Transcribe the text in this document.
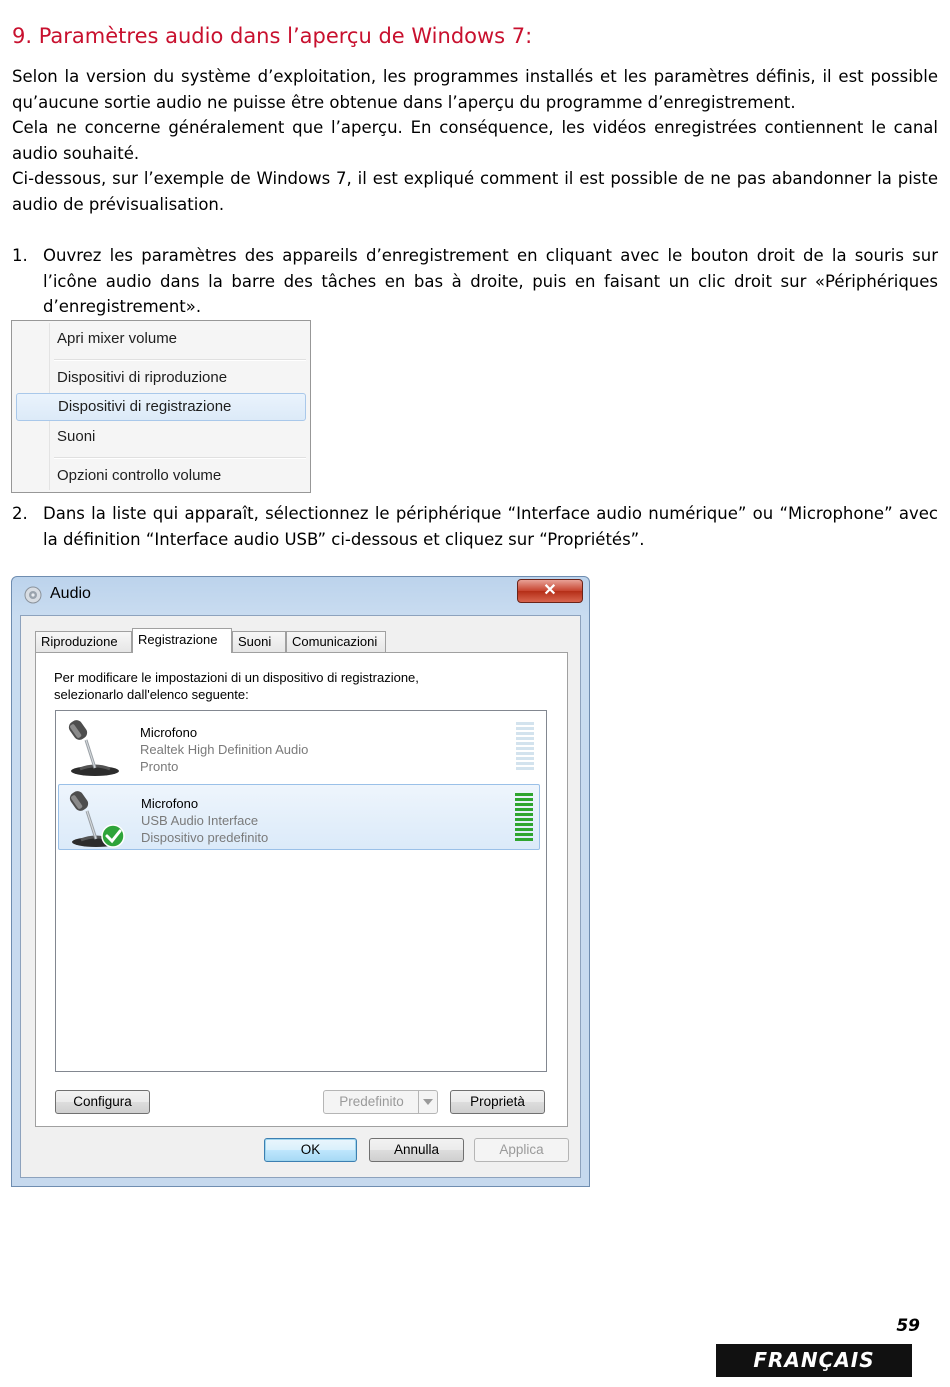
9. Paramètres audio dans l’aperçu de Windows 7:

Selon la version du système d’exploitation, les programmes installés et les paramètres définis, il est possible qu’aucune sortie audio ne puisse être obtenue dans l’aperçu du programme d’enregistrement.

Cela ne concerne généralement que l’aperçu. En conséquence, les vidéos enregistrées contiennent le canal audio souhaité.

Ci-dessous, sur l’exemple de Windows 7, il est expliqué comment il est possible de ne pas abandonner la piste audio de prévisualisation.

1. Ouvrez les paramètres des appareils d’enregistrement en cliquant avec le bouton droit de la souris sur l’icône audio dans la barre des tâches en bas à droite, puis en faisant un clic droit sur «Périphériques d’enregistrement».
Apri mixer volume
Dispositivi di riproduzione
Dispositivi di registrazione
Suoni
Opzioni controllo volume
2. Dans la liste qui apparaît, sélectionnez le périphérique “Interface audio numérique” ou “Microphone” avec la définition “Interface audio USB” ci-dessous et cliquez sur “Propriétés”.
Audio	✕
Riproduzione	Registrazione	Suoni	Comunicazioni
Per modificare le impostazioni di un dispositivo di registrazione,
selezionarlo dall'elenco seguente:
Microfono
Realtek High Definition Audio
Pronto
Microfono
USB Audio Interface
Dispositivo predefinito
Configura	Predefinito	Proprietà
OK	Annulla	Applica
59
FRANÇAIS
